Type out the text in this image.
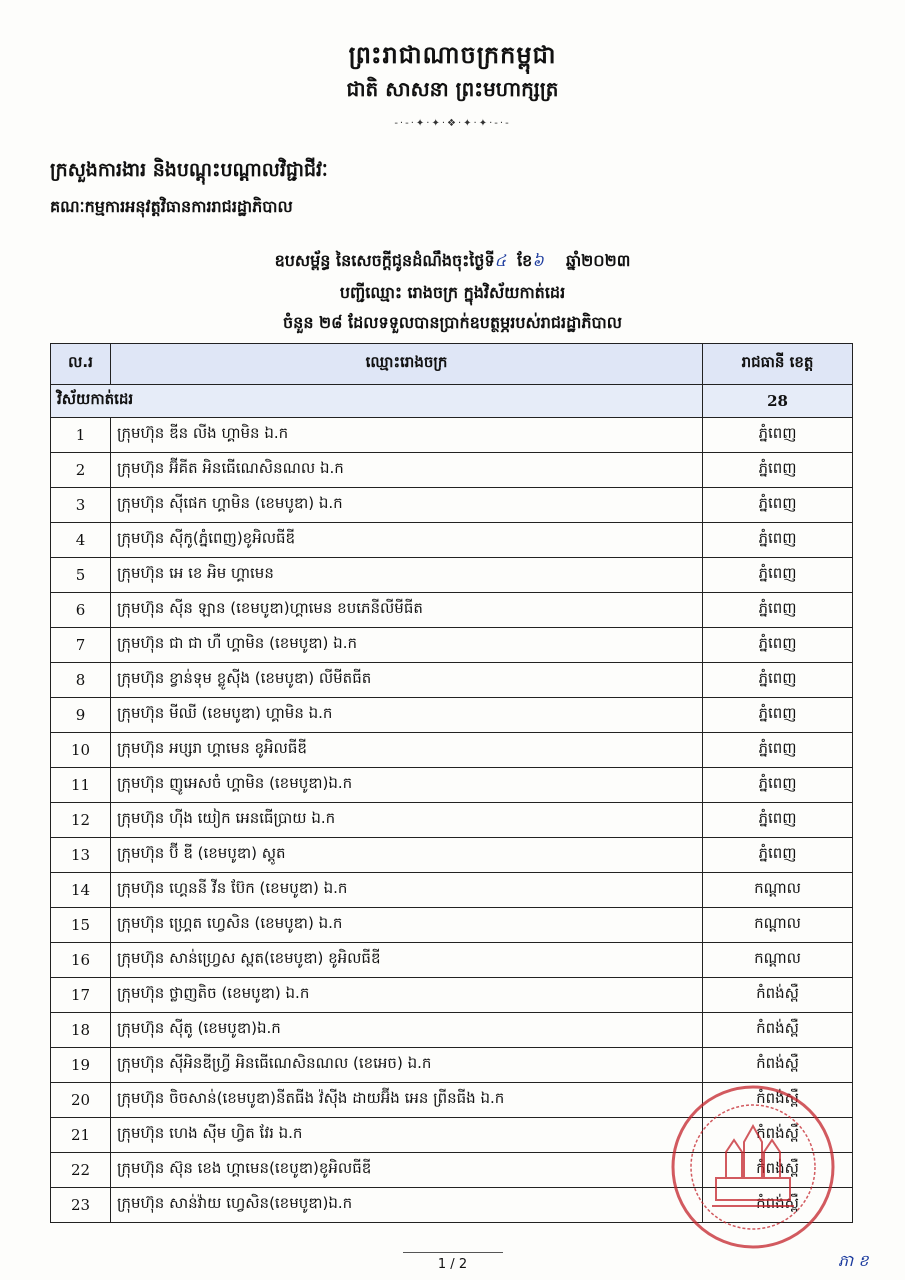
ព្រះរាជាណាចក្រកម្ពុជា
ជាតិ សាសនា ព្រះមហាក្សត្រ
-·-·✦·✦·❖·✦·✦·-·-
ក្រសួងការងារ និងបណ្តុះបណ្តាលវិជ្ជាជីវៈ
គណៈកម្មការអនុវត្តវិធានការរាជរដ្ឋាភិបាល
ឧបសម្ព័ន្ធ នៃសេចក្តីជូនដំណឹងចុះថ្ងៃទី៤ ខែ៦ ឆ្នាំ២០២៣
បញ្ជីឈ្មោះ រោងចក្រ ក្នុងវិស័យកាត់ដេរ
ចំនួន ២៨ ដែលទទួលបានប្រាក់ឧបត្ថម្ភរបស់រាជរដ្ឋាភិបាល
ល.រ	ឈ្មោះរោងចក្រ	រាជធានី ខេត្ត
វិស័យកាត់ដេរ		28
1	ក្រុមហ៊ុន ឌីន លីង ហ្គាមិន ឯ.ក	ភ្នំពេញ
2	ក្រុមហ៊ុន អ៊ីគីត អិនធើណេសិនណល ឯ.ក	ភ្នំពេញ
3	ក្រុមហ៊ុន ស៊ីផេក ហ្គាមិន (ខេមបូឌា) ឯ.ក	ភ្នំពេញ
4	ក្រុមហ៊ុន ស៊ីកូ(ភ្នំពេញ)ខូអិលធីឌី	ភ្នំពេញ
5	ក្រុមហ៊ុន អេ ខេ អិម ហ្គាមេន	ភ្នំពេញ
6	ក្រុមហ៊ុន ស៊ីន ឡាន (ខេមបូឌា)ហ្គាមេន ខបភេនីលីមីធីត	ភ្នំពេញ
7	ក្រុមហ៊ុន ជា ជា ហឺ ហ្គាមិន (ខេមបូឌា) ឯ.ក	ភ្នំពេញ
8	ក្រុមហ៊ុន ខ្វាន់ទុម ខ្លូស៊ីង (ខេមបូឌា) លីមីតធីត	ភ្នំពេញ
9	ក្រុមហ៊ុន មីឈី (ខេមបូឌា) ហ្គាមិន ឯ.ក	ភ្នំពេញ
10	ក្រុមហ៊ុន អប្សរា ហ្គាមេន ខូអិលធីឌី	ភ្នំពេញ
11	ក្រុមហ៊ុន ញូអេសចំ ហ្គាមិន (ខេមបូឌា)ឯ.ក	ភ្នំពេញ
12	ក្រុមហ៊ុន ហ៊ីង យៀក អេនធើប្រាយ ឯ.ក	ភ្នំពេញ
13	ក្រុមហ៊ុន ប៊ី ឌី (ខេមបូឌា) ស្តូត	ភ្នំពេញ
14	ក្រុមហ៊ុន ហ្គេននី វីន ប៊ែក (ខេមបូឌា) ឯ.ក	កណ្តាល
15	ក្រុមហ៊ុន ហ្គ្រេត ហ្វេសិន (ខេមបូឌា) ឯ.ក	កណ្តាល
16	ក្រុមហ៊ុន សាន់ហ្វ្រេស ស្ពត(ខេមបូឌា) ខូអិលធីឌី	កណ្តាល
17	ក្រុមហ៊ុន ថ្លាញតិច (ខេមបូឌា) ឯ.ក	កំពង់ស្ពឺ
18	ក្រុមហ៊ុន ស៊ីតូ (ខេមបូឌា)ឯ.ក	កំពង់ស្ពឺ
19	ក្រុមហ៊ុន ស៊ីអិនឌីហ្វ្រី អិនធើណេសិនណល (ខេអេច) ឯ.ក	កំពង់ស្ពឺ
20	ក្រុមហ៊ុន ចិចសាន់(ខេមបូឌា)នីតធីង វ៉ស៊ីង ដាយអ៊ីង អេន ព្រីនធីង ឯ.ក	កំពង់ស្ពឺ
21	ក្រុមហ៊ុន ហេង ស៊ីម ហ្វិត វែរ ឯ.ក	កំពង់ស្ពឺ
22	ក្រុមហ៊ុន ស៊ុន ខេង ហ្គាមេន(ខេបូឌា)ខូអិលធីឌី	កំពង់ស្ពឺ
23	ក្រុមហ៊ុន សាន់វ៉ាយ ហ្វេសិន(ខេមបូឌា)ឯ.ក	កំពង់ស្ពឺ
1 / 2	ភា ខ
